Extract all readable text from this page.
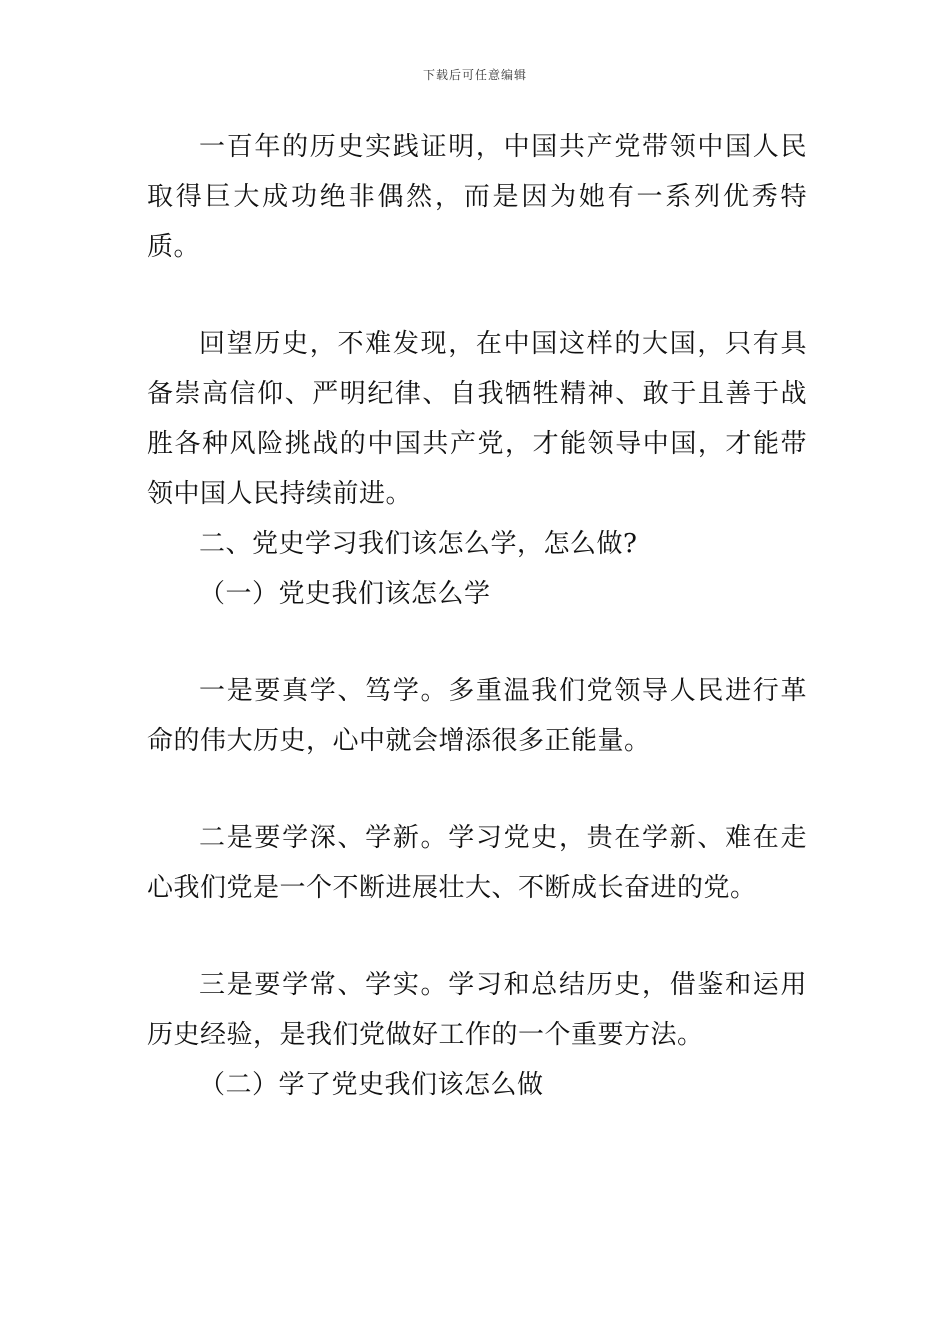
下载后可任意编辑

一百年的历史实践证明，中国共产党带领中国人民取得巨大成功绝非偶然，而是因为她有一系列优秀特质。

回望历史，不难发现，在中国这样的大国，只有具备崇高信仰、严明纪律、自我牺牲精神、敢于且善于战胜各种风险挑战的中国共产党，才能领导中国，才能带领中国人民持续前进。

二、党史学习我们该怎么学，怎么做?

（一）党史我们该怎么学

一是要真学、笃学。多重温我们党领导人民进行革命的伟大历史，心中就会增添很多正能量。

二是要学深、学新。学习党史，贵在学新、难在走心我们党是一个不断进展壮大、不断成长奋进的党。

三是要学常、学实。学习和总结历史，借鉴和运用历史经验，是我们党做好工作的一个重要方法。

（二）学了党史我们该怎么做
